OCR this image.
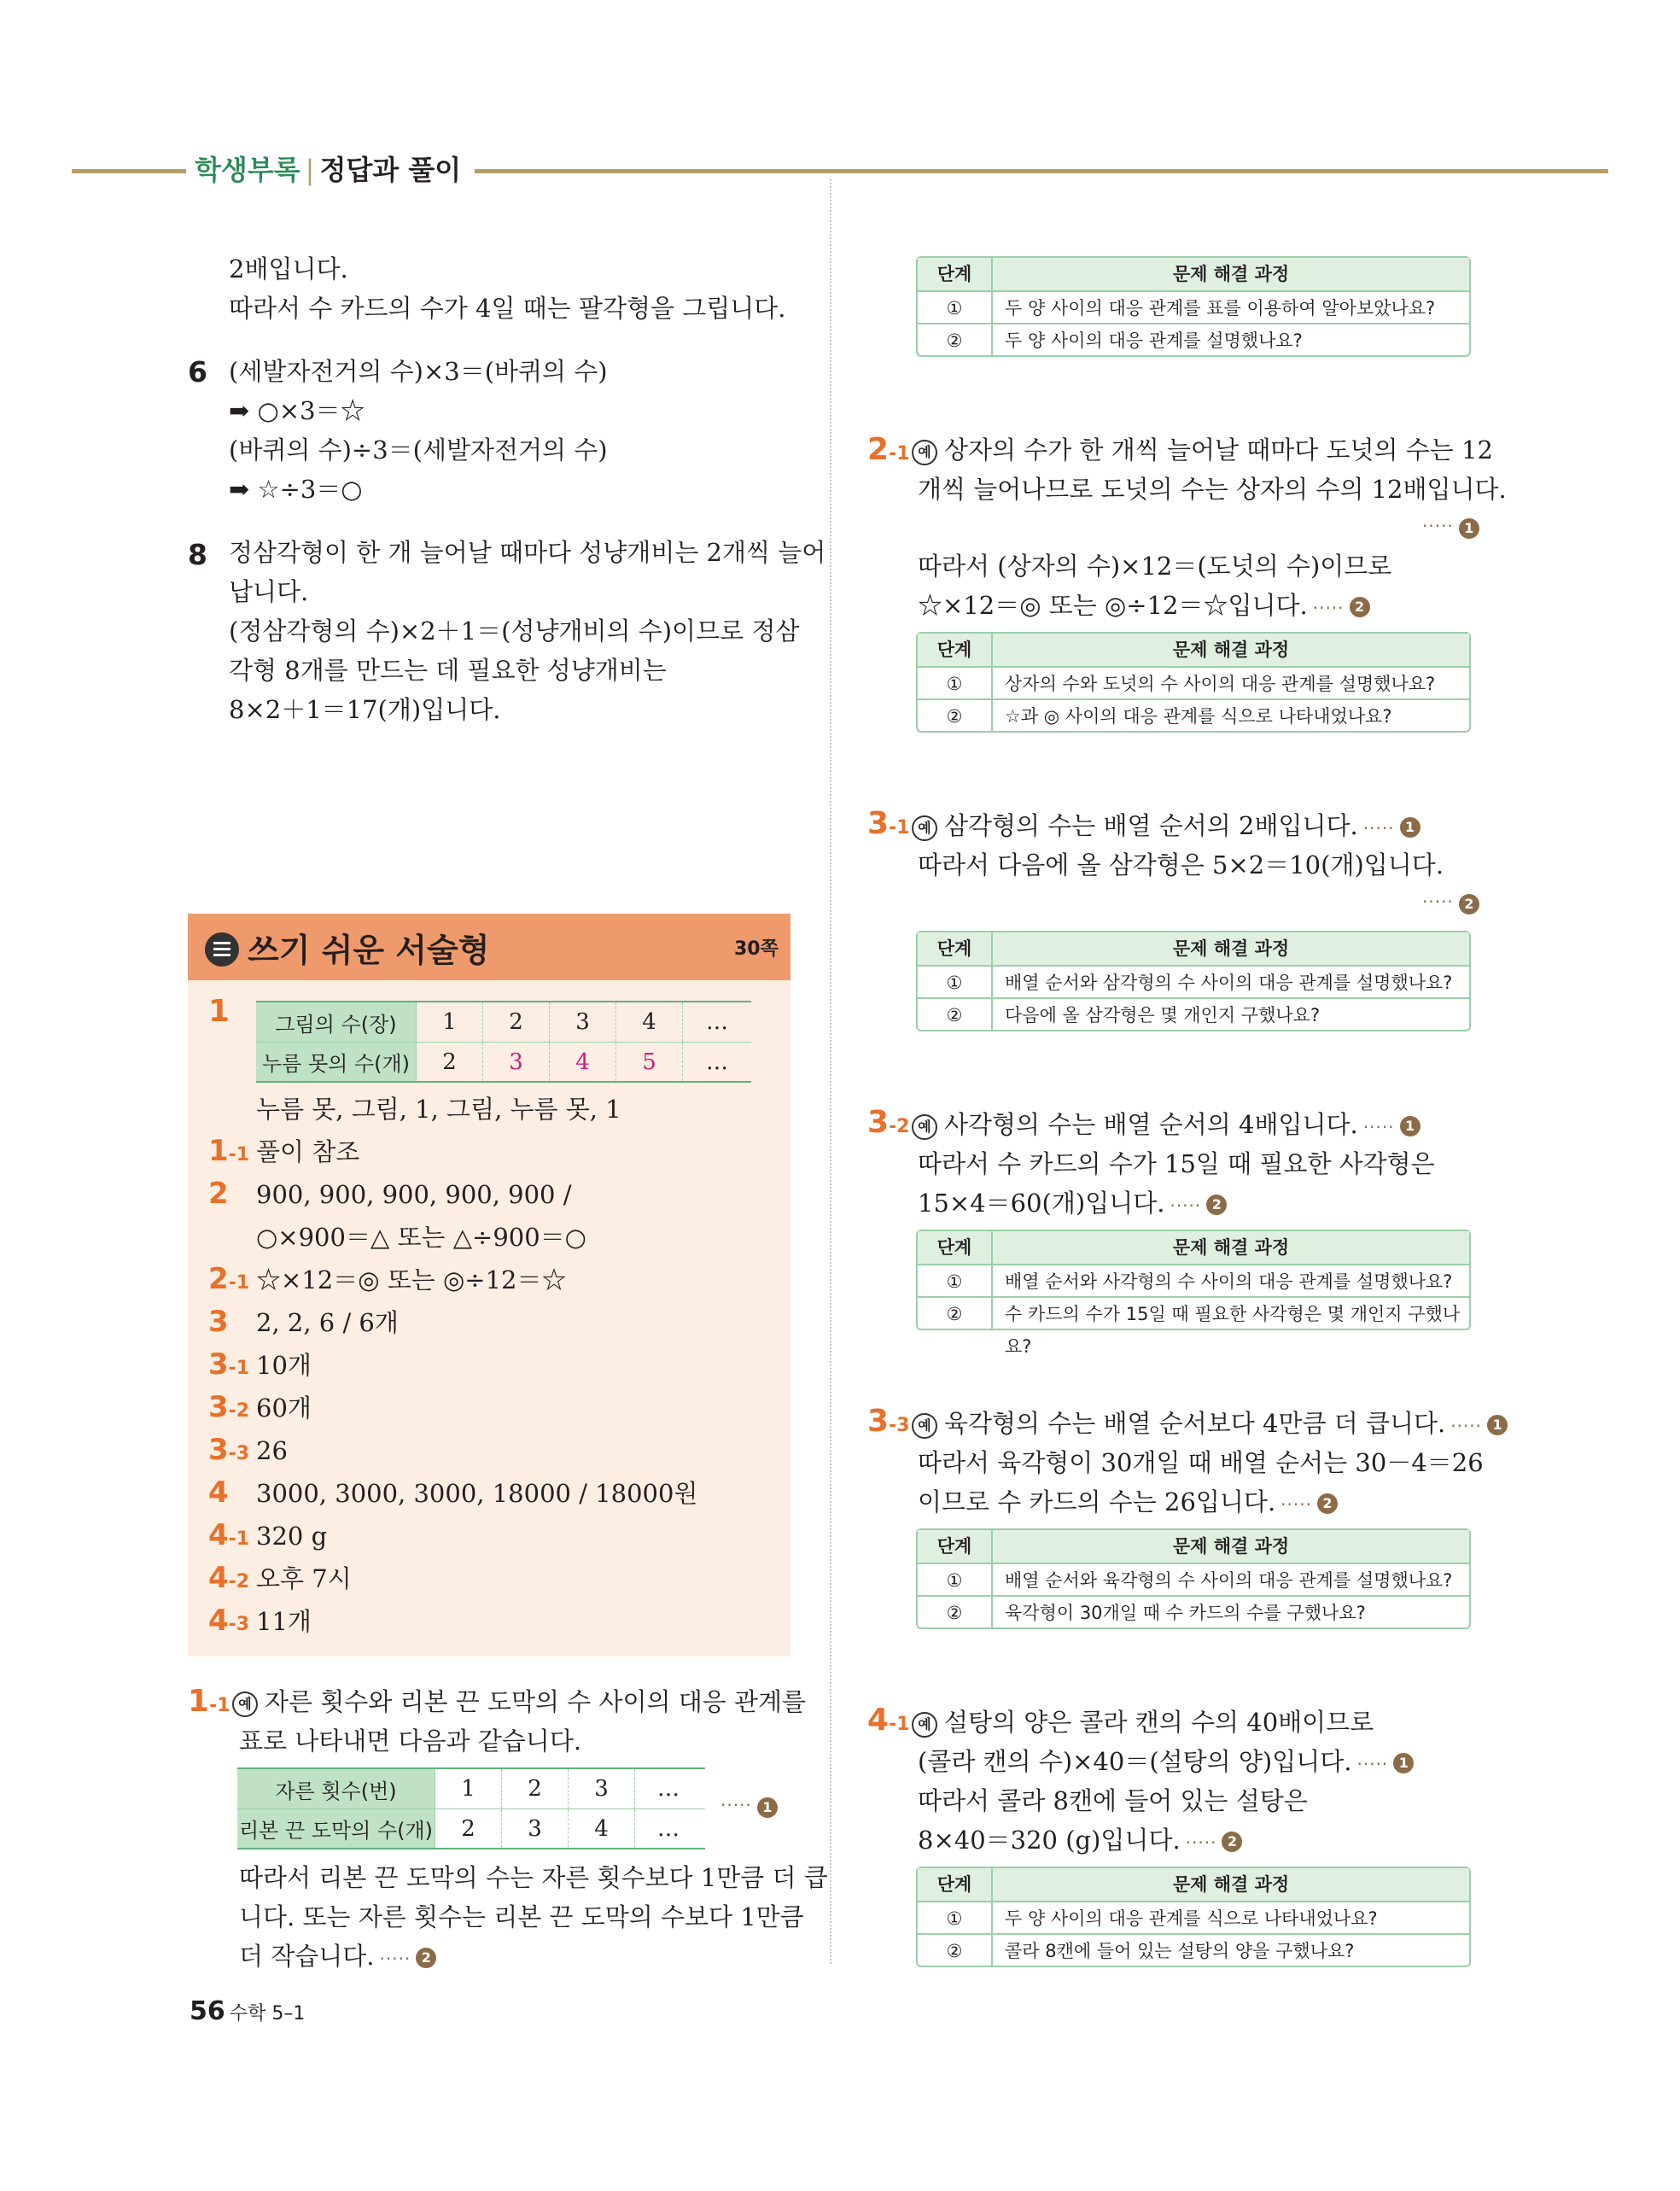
학생부록 | 정답과 풀이
2배입니다.
따라서 수 카드의 수가 4일 때는 팔각형을 그립니다.
6 (세발자전거의 수)×3＝(바퀴의 수)
➡ ○×3＝☆
(바퀴의 수)÷3＝(세발자전거의 수)
➡ ☆÷3＝○
8 정삼각형이 한 개 늘어날 때마다 성냥개비는 2개씩 늘어
납니다.
(정삼각형의 수)×2＋1＝(성냥개비의 수)이므로 정삼
각형 8개를 만드는 데 필요한 성냥개비는
8×2＋1＝17(개)입니다.
쓰기 쉬운 서술형	30쪽
1	그림의 수(장)	1	2	3	4	…
누름 못의 수(개)	2	3	4	5	…
누름 못, 그림, 1, 그림, 누름 못, 1
1-1 풀이 참조
2 900, 900, 900, 900, 900 /
○×900＝△ 또는 △÷900＝○
2-1 ☆×12＝◎ 또는 ◎÷12＝☆
3 2, 2, 6 / 6개
3-1 10개
3-2 60개
3-3 26
4 3000, 3000, 3000, 18000 / 18000원
4-1 320 g
4-2 오후 7시
4-3 11개
1-1 예 자른 횟수와 리본 끈 도막의 수 사이의 대응 관계를
표로 나타내면 다음과 같습니다.
자른 횟수(번)	1	2	3	…
리본 끈 도막의 수(개)	2	3	4	…
····· 1
따라서 리본 끈 도막의 수는 자른 횟수보다 1만큼 더 큽
니다. 또는 자른 횟수는 리본 끈 도막의 수보다 1만큼
더 작습니다. ····· 2
단계	문제 해결 과정
①	두 양 사이의 대응 관계를 표를 이용하여 알아보았나요?
②	두 양 사이의 대응 관계를 설명했나요?
2-1 예 상자의 수가 한 개씩 늘어날 때마다 도넛의 수는 12
개씩 늘어나므로 도넛의 수는 상자의 수의 12배입니다.
····· 1
따라서 (상자의 수)×12＝(도넛의 수)이므로
☆×12＝◎ 또는 ◎÷12＝☆입니다. ····· 2
단계	문제 해결 과정
①	상자의 수와 도넛의 수 사이의 대응 관계를 설명했나요?
②	☆과 ◎ 사이의 대응 관계를 식으로 나타내었나요?
3-1 예 삼각형의 수는 배열 순서의 2배입니다. ····· 1
따라서 다음에 올 삼각형은 5×2＝10(개)입니다.
····· 2
단계	문제 해결 과정
①	배열 순서와 삼각형의 수 사이의 대응 관계를 설명했나요?
②	다음에 올 삼각형은 몇 개인지 구했나요?
3-2 예 사각형의 수는 배열 순서의 4배입니다. ····· 1
따라서 수 카드의 수가 15일 때 필요한 사각형은
15×4＝60(개)입니다. ····· 2
단계	문제 해결 과정
①	배열 순서와 사각형의 수 사이의 대응 관계를 설명했나요?
②	수 카드의 수가 15일 때 필요한 사각형은 몇 개인지 구했나요?
3-3 예 육각형의 수는 배열 순서보다 4만큼 더 큽니다. ····· 1
따라서 육각형이 30개일 때 배열 순서는 30－4＝26
이므로 수 카드의 수는 26입니다. ····· 2
단계	문제 해결 과정
①	배열 순서와 육각형의 수 사이의 대응 관계를 설명했나요?
②	육각형이 30개일 때 수 카드의 수를 구했나요?
4-1 예 설탕의 양은 콜라 캔의 수의 40배이므로
(콜라 캔의 수)×40＝(설탕의 양)입니다. ····· 1
따라서 콜라 8캔에 들어 있는 설탕은
8×40＝320 (g)입니다. ····· 2
단계	문제 해결 과정
①	두 양 사이의 대응 관계를 식으로 나타내었나요?
②	콜라 8캔에 들어 있는 설탕의 양을 구했나요?
56 수학 5–1
